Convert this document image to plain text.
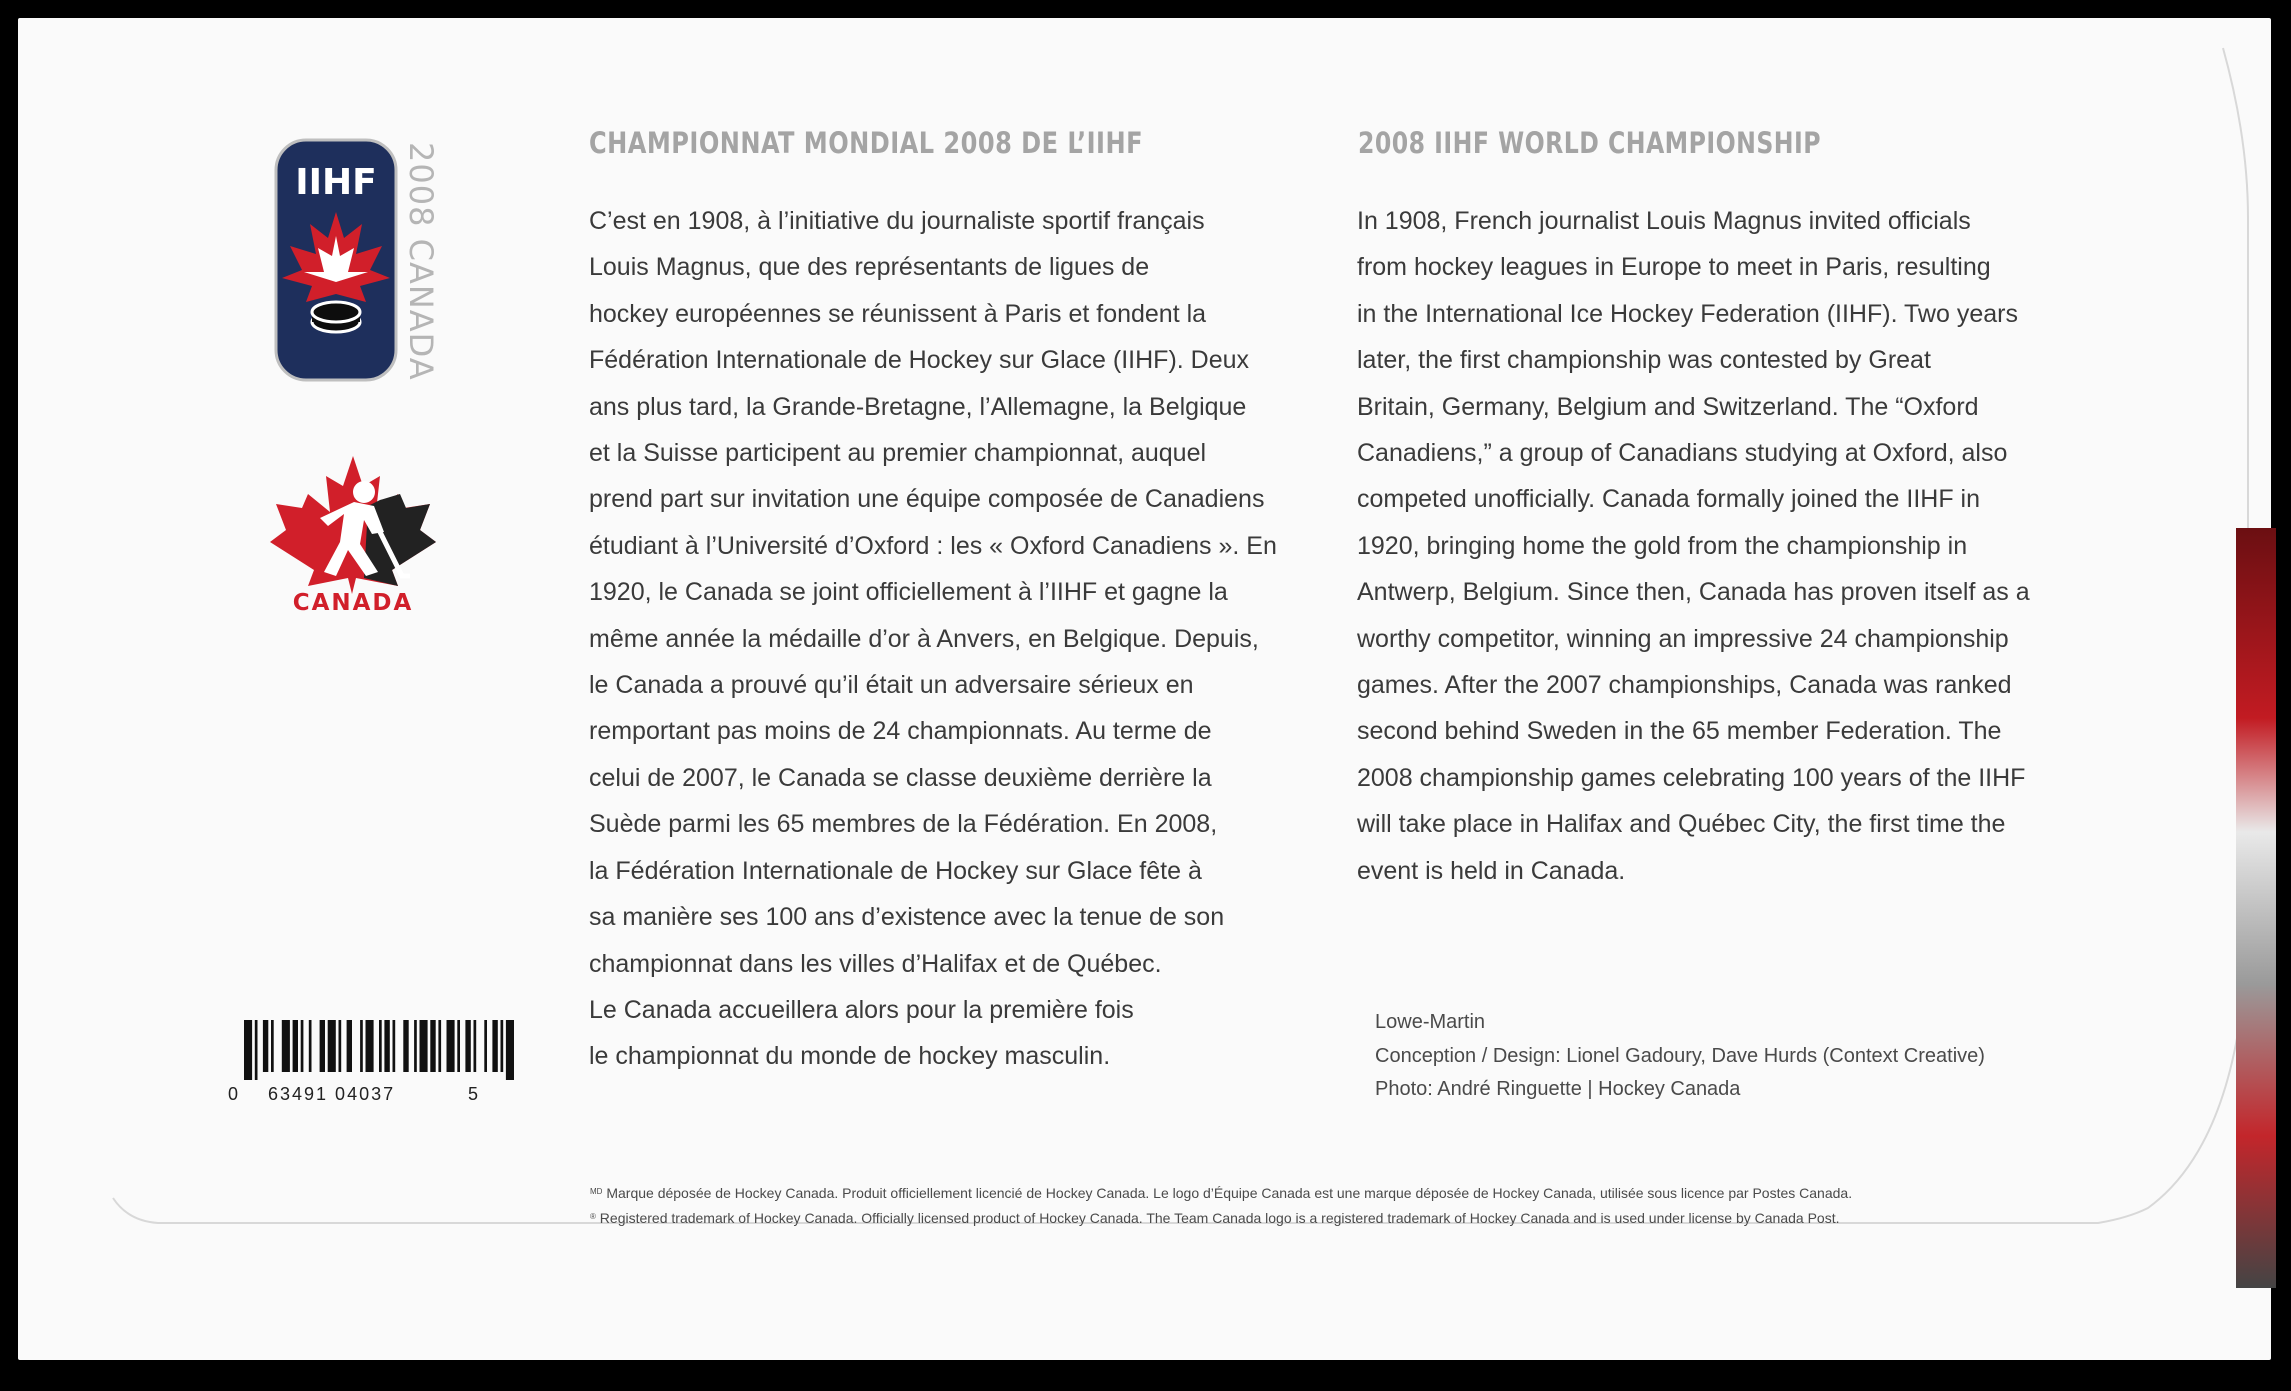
IIHF 2008 CANADA
CANADA
0 63491 04037	5
CHAMPIONNAT MONDIAL 2008 DE L’IIHF
C’est en 1908, à l’initiative du journaliste sportif français
Louis Magnus, que des représentants de ligues de
hockey européennes se réunissent à Paris et fondent la
Fédération Internationale de Hockey sur Glace (IIHF). Deux
ans plus tard, la Grande-Bretagne, l’Allemagne, la Belgique
et la Suisse participent au premier championnat, auquel
prend part sur invitation une équipe composée de Canadiens
étudiant à l’Université d’Oxford : les « Oxford Canadiens ». En
1920, le Canada se joint officiellement à l’IIHF et gagne la
même année la médaille d’or à Anvers, en Belgique. Depuis,
le Canada a prouvé qu’il était un adversaire sérieux en
remportant pas moins de 24 championnats. Au terme de
celui de 2007, le Canada se classe deuxième derrière la
Suède parmi les 65 membres de la Fédération. En 2008,
la Fédération Internationale de Hockey sur Glace fête à
sa manière ses 100 ans d’existence avec la tenue de son
championnat dans les villes d’Halifax et de Québec.
Le Canada accueillera alors pour la première fois
le championnat du monde de hockey masculin.
2008 IIHF WORLD CHAMPIONSHIP
In 1908, French journalist Louis Magnus invited officials
from hockey leagues in Europe to meet in Paris, resulting
in the International Ice Hockey Federation (IIHF). Two years
later, the first championship was contested by Great
Britain, Germany, Belgium and Switzerland. The “Oxford
Canadiens,” a group of Canadians studying at Oxford, also
competed unofficially. Canada formally joined the IIHF in
1920, bringing home the gold from the championship in
Antwerp, Belgium. Since then, Canada has proven itself as a
worthy competitor, winning an impressive 24 championship
games. After the 2007 championships, Canada was ranked
second behind Sweden in the 65 member Federation. The
2008 championship games celebrating 100 years of the IIHF
will take place in Halifax and Québec City, the first time the
event is held in Canada.
Lowe-Martin
Conception / Design: Lionel Gadoury, Dave Hurds (Context Creative)
Photo: André Ringuette | Hockey Canada
$^{MD}$ Marque déposée de Hockey Canada. Produit officiellement licencié de Hockey Canada. Le logo d’Équipe Canada est une marque déposée de Hockey Canada, utilisée sous licence par Postes Canada.
® Registered trademark of Hockey Canada. Officially licensed product of Hockey Canada. The Team Canada logo is a registered trademark of Hockey Canada and is used under license by Canada Post.
